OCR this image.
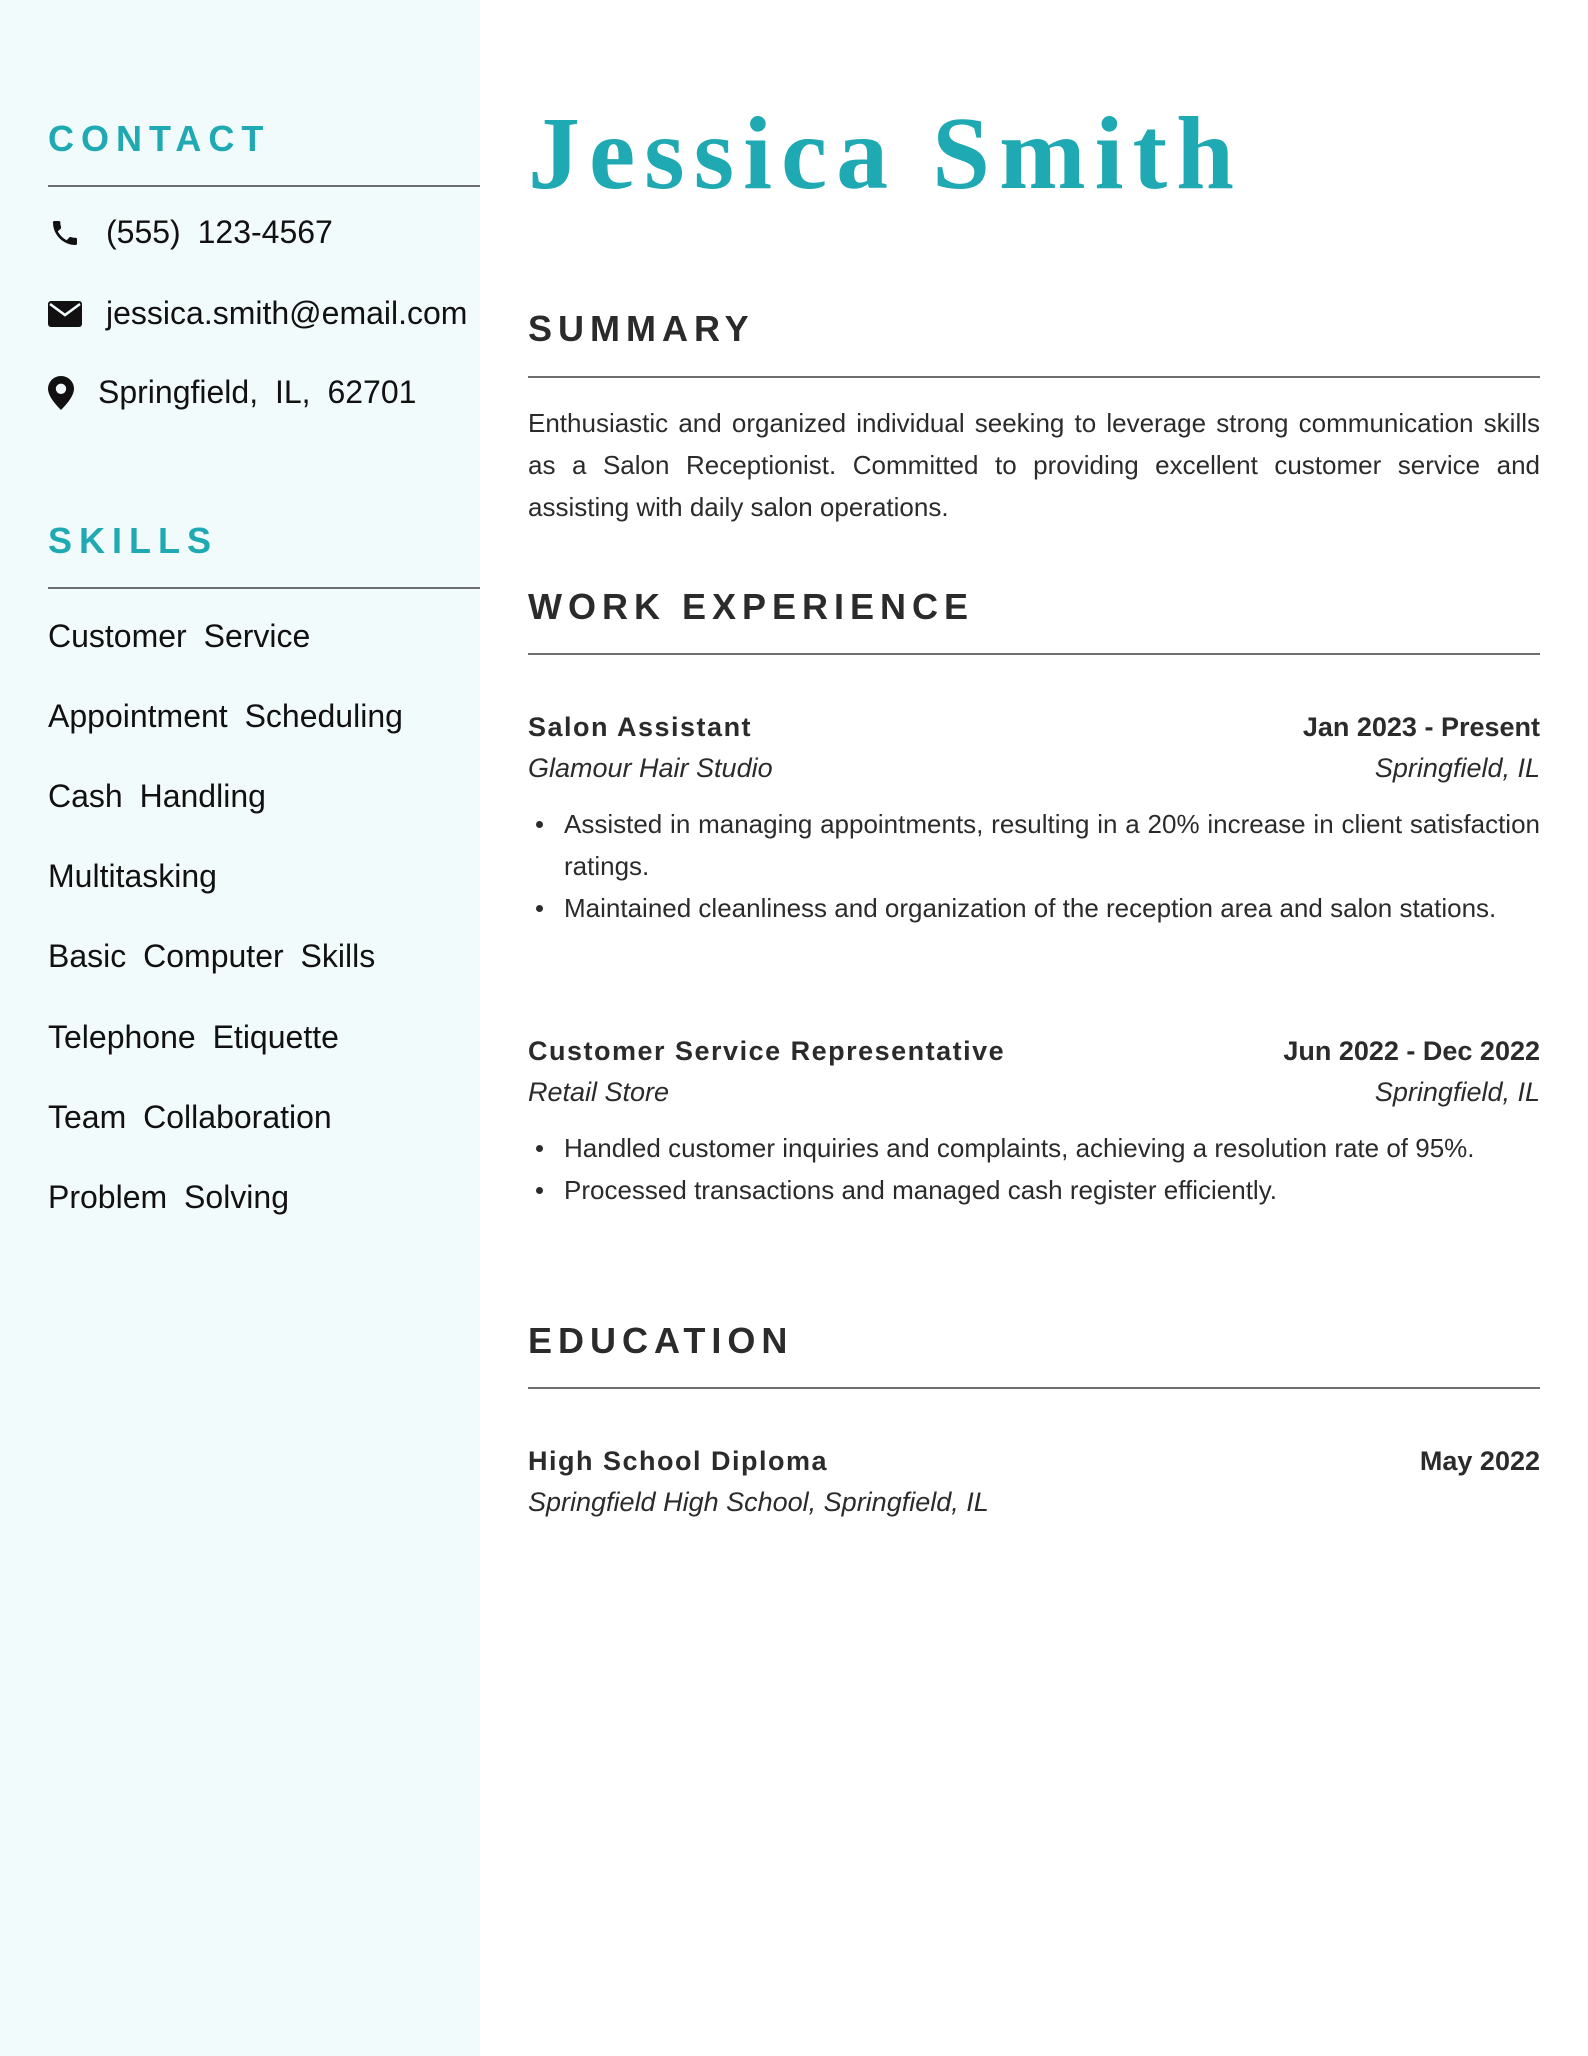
CONTACT
(555) 123-4567
jessica.smith@email.com
Springfield, IL, 62701
SKILLS
Customer Service
Appointment Scheduling
Cash Handling
Multitasking
Basic Computer Skills
Telephone Etiquette
Team Collaboration
Problem Solving
Jessica Smith
SUMMARY

Enthusiastic and organized individual seeking to leverage strong communication skills as a Salon Receptionist. Committed to providing excellent customer service and assisting with daily salon operations.

WORK EXPERIENCE
Salon Assistant	Jan 2023 - Present
Glamour Hair Studio	Springfield, IL
Assisted in managing appointments, resulting in a 20% increase in client satisfaction ratings.
Maintained cleanliness and organization of the reception area and salon stations.
Customer Service Representative	Jun 2022 - Dec 2022
Retail Store	Springfield, IL
Handled customer inquiries and complaints, achieving a resolution rate of 95%.
Processed transactions and managed cash register efficiently.
EDUCATION
High School Diploma	May 2022
Springfield High School, Springfield, IL
